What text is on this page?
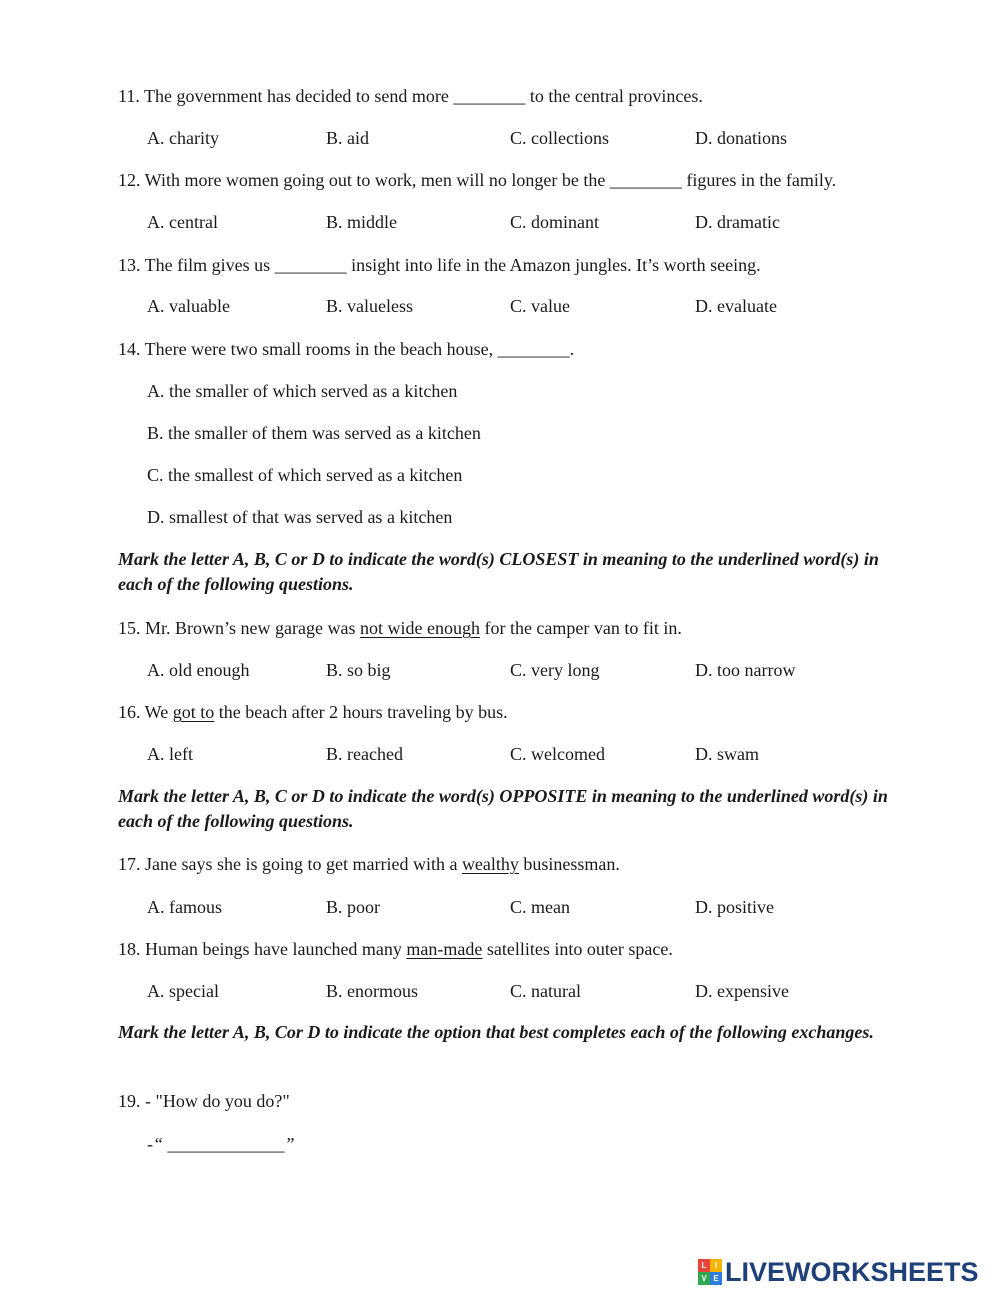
11. The government has decided to send more ________ to the central provinces.
A. charity	B. aid	C. collections	D. donations
12. With more women going out to work, men will no longer be the ________ figures in the family.
A. central	B. middle	C. dominant	D. dramatic
13. The film gives us ________ insight into life in the Amazon jungles. It’s worth seeing.
A. valuable	B. valueless	C. value	D. evaluate
14. There were two small rooms in the beach house, ________.
A. the smaller of which served as a kitchen
B. the smaller of them was served as a kitchen
C. the smallest of which served as a kitchen
D. smallest of that was served as a kitchen
Mark the letter A, B, C or D to indicate the word(s) CLOSEST in meaning to the underlined word(s) in each of the following questions.
15. Mr. Brown’s new garage was not wide enough for the camper van to fit in.
A. old enough	B. so big	C. very long	D. too narrow
16. We got to the beach after 2 hours traveling by bus.
A. left	B. reached	C. welcomed	D. swam
Mark the letter A, B, C or D to indicate the word(s) OPPOSITE in meaning to the underlined word(s) in each of the following questions.
17. Jane says she is going to get married with a wealthy businessman.
A. famous	B. poor	C. mean	D. positive
18. Human beings have launched many man-made satellites into outer space.
A. special	B. enormous	C. natural	D. expensive
Mark the letter A, B, Cor D to indicate the option that best completes each of the following exchanges.
19. - "How do you do?"
-“ _____________”
L	I
V E LIVEWORKSHEETS
